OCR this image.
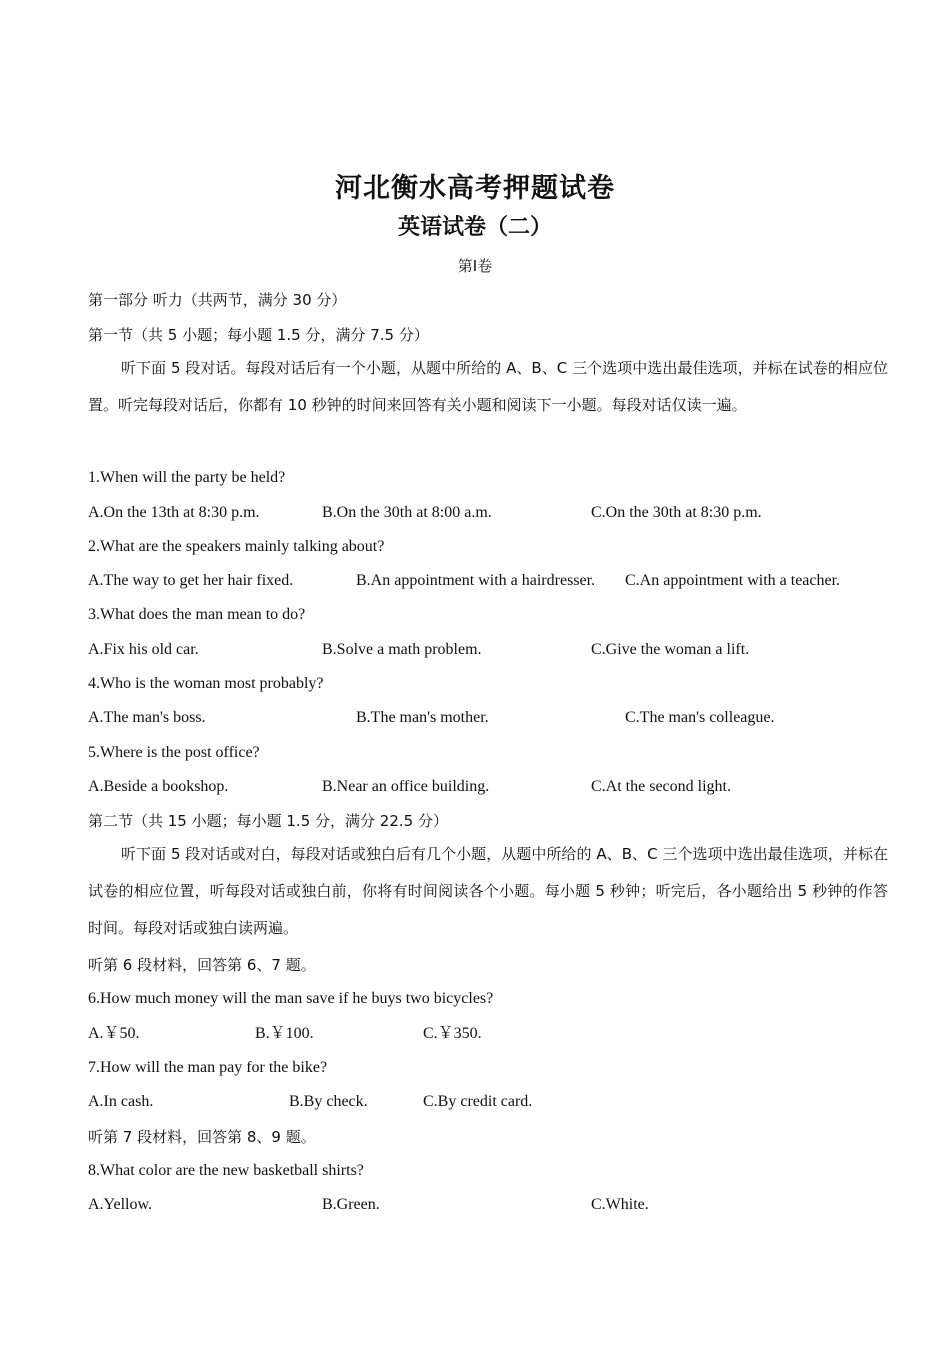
河北衡水高考押题试卷
英语试卷（二）
第Ⅰ卷
第一部分 听力（共两节，满分 30 分）
第一节（共 5 小题；每小题 1.5 分，满分 7.5 分）
听下面 5 段对话。每段对话后有一个小题，从题中所给的 A、B、C 三个选项中选出最佳选项，并标在试卷的相应位置。听完每段对话后，你都有 10 秒钟的时间来回答有关小题和阅读下一小题。每段对话仅读一遍。
1.When will the party be held?
A.On the 13th at 8:30 p.m.	B.On the 30th at 8:00 a.m.	C.On the 30th at 8:30 p.m.
2.What are the speakers mainly talking about?
A.The way to get her hair fixed.	B.An appointment with a hairdresser. C.An appointment with a teacher.
3.What does the man mean to do?
A.Fix his old car.	B.Solve a math problem.	C.Give the woman a lift.
4.Who is the woman most probably?
A.The man's boss.	B.The man's mother.	C.The man's colleague.
5.Where is the post office?
A.Beside a bookshop.	B.Near an office building.	C.At the second light.
第二节（共 15 小题；每小题 1.5 分，满分 22.5 分）
听下面 5 段对话或对白，每段对话或独白后有几个小题，从题中所给的 A、B、C 三个选项中选出最佳选项，并标在试卷的相应位置，听每段对话或独白前，你将有时间阅读各个小题。每小题 5 秒钟；听完后，各小题给出 5 秒钟的作答时间。每段对话或独白读两遍。
听第 6 段材料，回答第 6、7 题。
6.How much money will the man save if he buys two bicycles?
A.￥50.	B.￥100.	C.￥350.
7.How will the man pay for the bike?
A.In cash.	B.By check.	C.By credit card.
听第 7 段材料，回答第 8、9 题。
8.What color are the new basketball shirts?
A.Yellow.	B.Green.	C.White.
